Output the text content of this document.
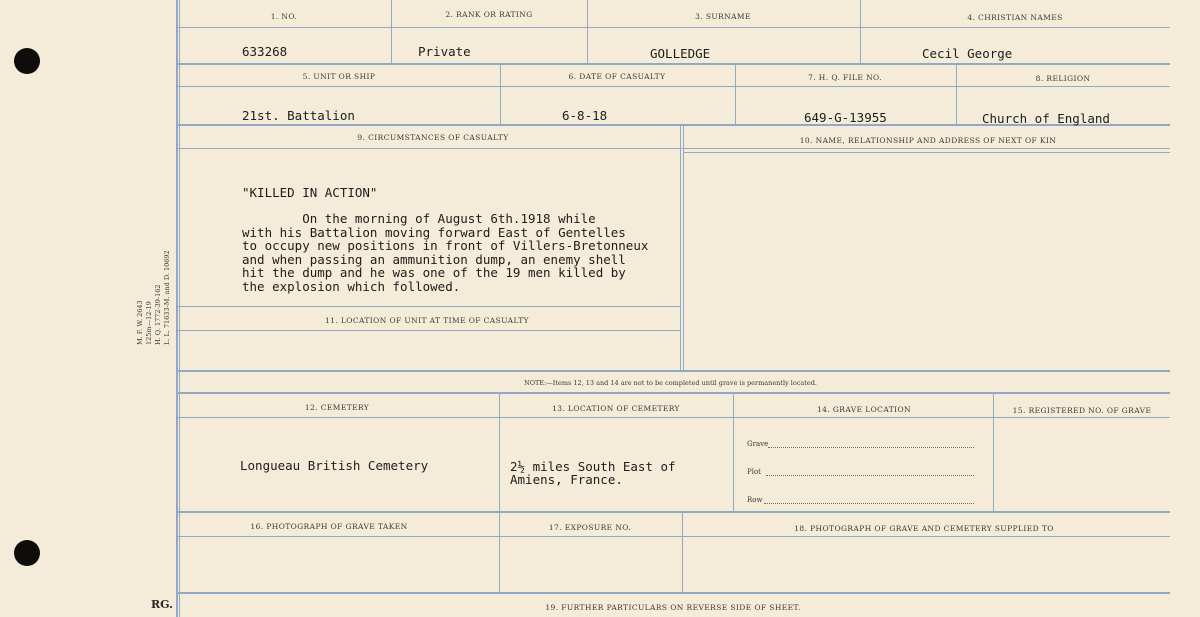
M. F. W. 2643 125m—12-19 H. Q. 1772-39-162 L. L. 71633-M. and D. 10692
RG.
1. NO.	2. RANK OR RATING	3. SURNAME	4. CHRISTIAN NAMES
633268	Private	GOLLEDGE	Cecil George
5. UNIT OR SHIP	6. DATE OF CASUALTY	7. H. Q. FILE NO.	8. RELIGION
21st. Battalion	6-8-18	649-G-13955	Church of England
9. CIRCUMSTANCES OF CASUALTY	10. NAME, RELATIONSHIP AND ADDRESS OF NEXT OF KIN
"KILLED IN ACTION"
On the morning of August 6th.1918 while
with his Battalion moving forward East of Gentelles
to occupy new positions in front of Villers-Bretonneux
and when passing an ammunition dump, an enemy shell
hit the dump and he was one of the 19 men killed by
the explosion which followed.
11. LOCATION OF UNIT AT TIME OF CASUALTY
NOTE:—Items 12, 13 and 14 are not to be completed until grave is permanently located.
12. CEMETERY	13. LOCATION OF CEMETERY	14. GRAVE LOCATION	15. REGISTERED NO. OF GRAVE
Longueau British Cemetery	2½ miles South East of
Amiens, France.
Grave
Plot
Row
16. PHOTOGRAPH OF GRAVE TAKEN	17. EXPOSURE NO.	18. PHOTOGRAPH OF GRAVE AND CEMETERY SUPPLIED TO
19. FURTHER PARTICULARS ON REVERSE SIDE OF SHEET.
